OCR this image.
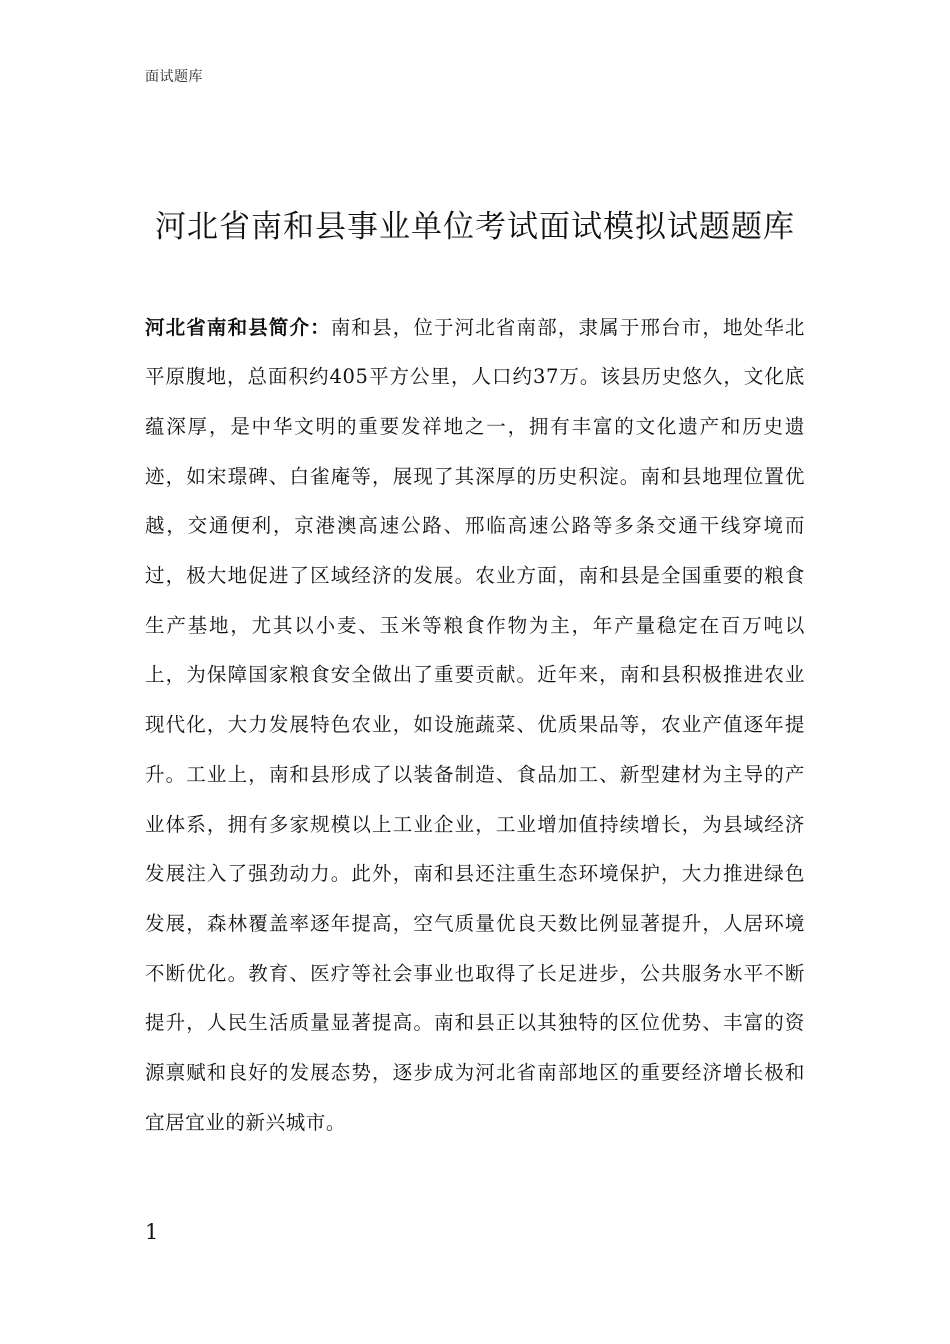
面试题库
河北省南和县事业单位考试面试模拟试题题库

河北省南和县简介：南和县，位于河北省南部，隶属于邢台市，地处华北平原腹地，总面积约405平方公里，人口约37万。该县历史悠久，文化底蕴深厚，是中华文明的重要发祥地之一，拥有丰富的文化遗产和历史遗迹，如宋璟碑、白雀庵等，展现了其深厚的历史积淀。南和县地理位置优越，交通便利，京港澳高速公路、邢临高速公路等多条交通干线穿境而过，极大地促进了区域经济的发展。农业方面，南和县是全国重要的粮食生产基地，尤其以小麦、玉米等粮食作物为主，年产量稳定在百万吨以上，为保障国家粮食安全做出了重要贡献。近年来，南和县积极推进农业现代化，大力发展特色农业，如设施蔬菜、优质果品等，农业产值逐年提升。工业上，南和县形成了以装备制造、食品加工、新型建材为主导的产业体系，拥有多家规模以上工业企业，工业增加值持续增长，为县域经济发展注入了强劲动力。此外，南和县还注重生态环境保护，大力推进绿色发展，森林覆盖率逐年提高，空气质量优良天数比例显著提升，人居环境不断优化。教育、医疗等社会事业也取得了长足进步，公共服务水平不断提升，人民生活质量显著提高。南和县正以其独特的区位优势、丰富的资源禀赋和良好的发展态势，逐步成为河北省南部地区的重要经济增长极和宜居宜业的新兴城市。

1
